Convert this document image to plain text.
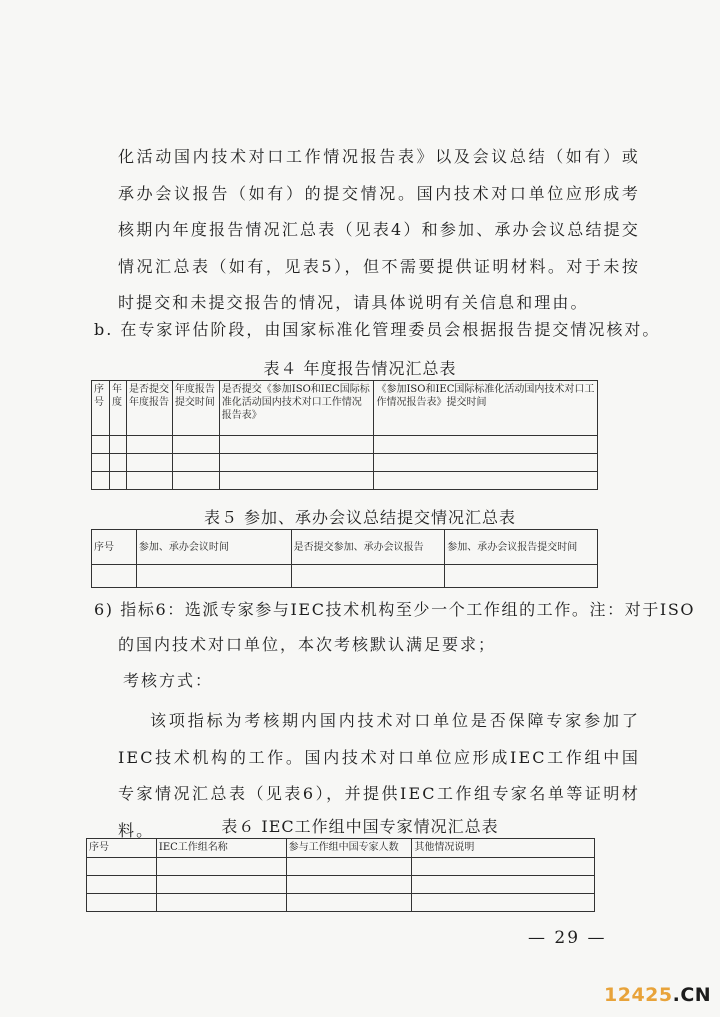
化活动国内技术对口工作情况报告表》以及会议总结（如有）或承办会议报告（如有）的提交情况。国内技术对口单位应形成考核期内年度报告情况汇总表（见表4）和参加、承办会议总结提交情况汇总表（如有，见表5），但不需要提供证明材料。对于未按时提交和未提交报告的情况，请具体说明有关信息和理由。
b. 在专家评估阶段，由国家标准化管理委员会根据报告提交情况核对。
表４ 年度报告情况汇总表
序号	年度	是否提交年度报告	年度报告提交时间	是否提交《参加ISO和IEC国际标准化活动国内技术对口工作情况报告表》	《参加ISO和IEC国际标准化活动国内技术对口工作情况报告表》提交时间

表５ 参加、承办会议总结提交情况汇总表
序号	参加、承办会议时间	是否提交参加、承办会议报告	参加、承办会议报告提交时间

6) 指标6：选派专家参与IEC技术机构至少一个工作组的工作。注：对于ISO
的国内技术对口单位，本次考核默认满足要求；
考核方式：
该项指标为考核期内国内技术对口单位是否保障专家参加了IEC技术机构的工作。国内技术对口单位应形成IEC工作组中国专家情况汇总表（见表6），并提供IEC工作组专家名单等证明材料。	表６ IEC工作组中国专家情况汇总表
序号	IEC工作组名称	参与工作组中国专家人数	其他情况说明

— 29 —
12425.CN
